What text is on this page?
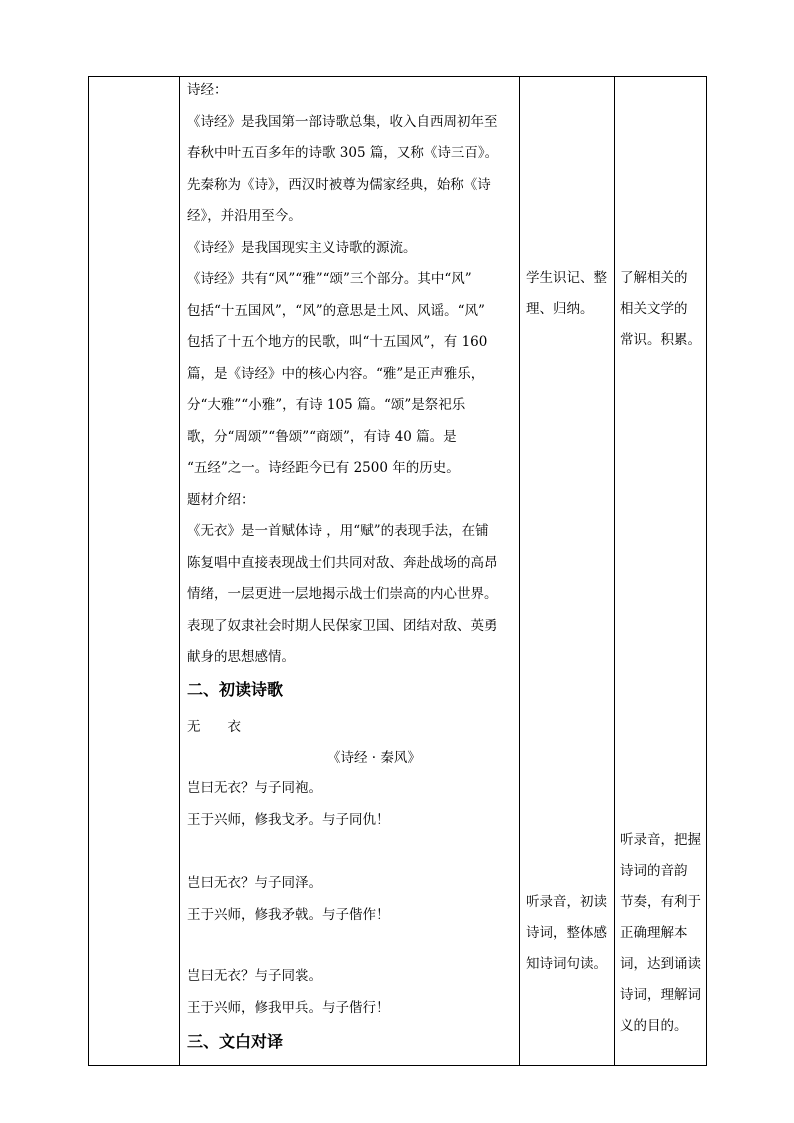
诗经：
《诗经》是我国第一部诗歌总集，收入自西周初年至
春秋中叶五百多年的诗歌 305 篇，又称《诗三百》。
先秦称为《诗》，西汉时被尊为儒家经典，始称《诗
经》，并沿用至今。
《诗经》是我国现实主义诗歌的源流。
《诗经》共有“风”“雅”“颂”三个部分。其中“风”
包括“十五国风”，“风”的意思是土风、风谣。“风”
包括了十五个地方的民歌，叫“十五国风”，有 160
篇，是《诗经》中的核心内容。“雅”是正声雅乐，
分“大雅”“小雅”，有诗 105 篇。“颂”是祭祀乐
歌，分“周颂”“鲁颂”“商颂”，有诗 40 篇。是
“五经”之一。诗经距今已有 2500 年的历史。
题材介绍：
《无衣》是一首赋体诗 ，用“赋”的表现手法，在铺
陈复唱中直接表现战士们共同对敌、奔赴战场的高昂
情绪，一层更进一层地揭示战士们崇高的内心世界。
表现了奴隶社会时期人民保家卫国、团结对敌、英勇
献身的思想感情。
二、初读诗歌
无　　衣
《诗经 · 秦风》
岂曰无衣？与子同袍。
王于兴师，修我戈矛。与子同仇！
岂曰无衣？与子同泽。
王于兴师，修我矛戟。与子偕作！
岂曰无衣？与子同裳。
王于兴师，修我甲兵。与子偕行！
三、文白对译
学生识记、整
理、归纳。
听录音，初读
诗词，整体感
知诗词句读。
了解相关的
相关文学的
常识。积累。
听录音，把握
诗词的音韵
节奏，有利于
正确理解本
词，达到诵读
诗词，理解词
义的目的。
